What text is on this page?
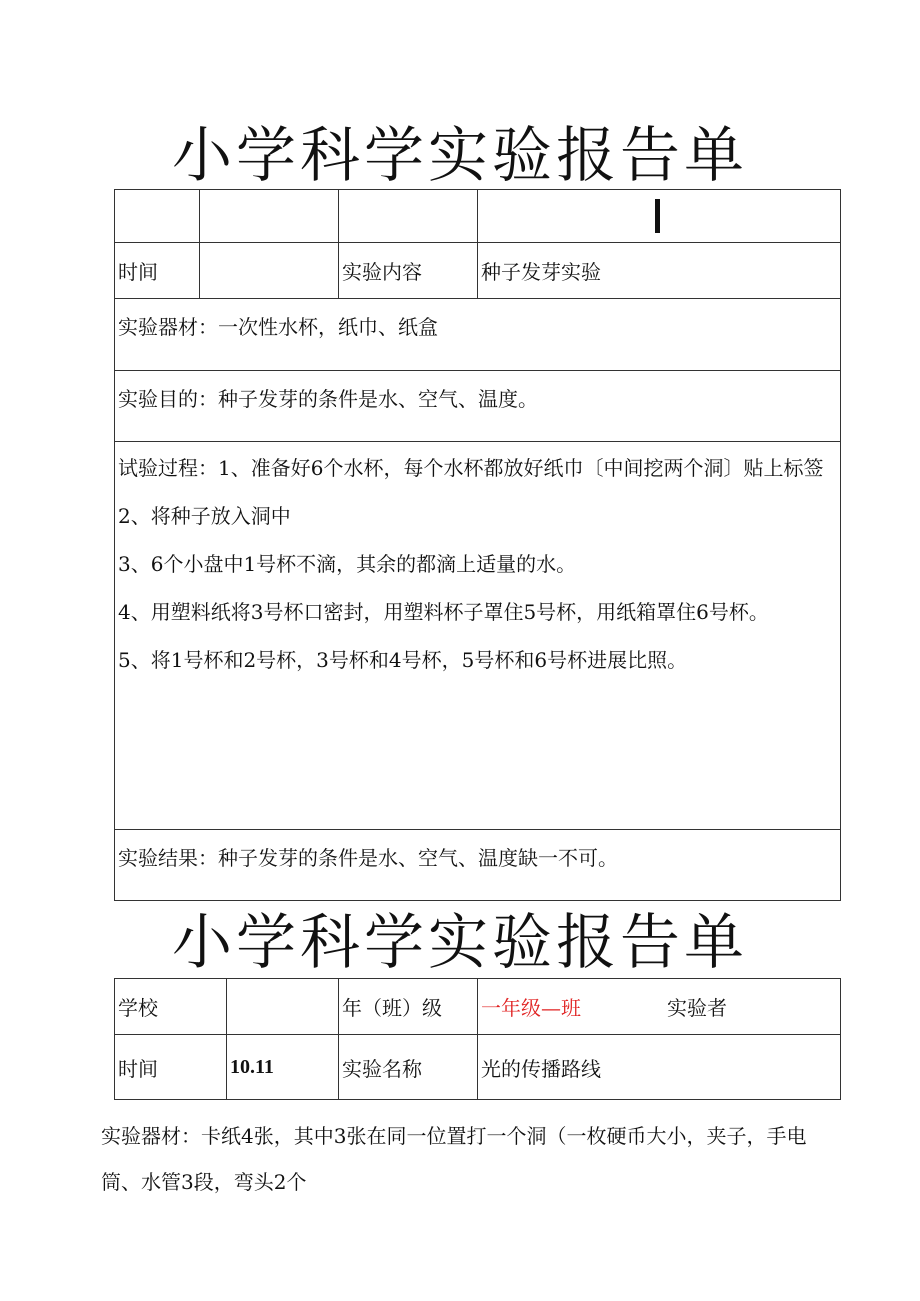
小学科学实验报告单

时间		实验内容	种子发芽实验
实验器材：一次性水杯，纸巾、纸盒			
实验目的：种子发芽的条件是水、空气、温度。			

试验过程：1、准备好6个水杯，每个水杯都放好纸巾〔中间挖两个洞〕贴上标签
2、将种子放入洞中
3、6个小盘中1号杯不滴，其余的都滴上适量的水。
4、用塑料纸将3号杯口密封，用塑料杯子罩住5号杯，用纸箱罩住6号杯。
5、将1号杯和2号杯，3号杯和4号杯，5号杯和6号杯进展比照。			

实验结果：种子发芽的条件是水、空气、温度缺一不可。			
小学科学实验报告单
学校		年（班）级	一年级—班 实验者
时间	10.11	实验名称	光的传播路线
实验器材：卡纸4张，其中3张在同一位置打一个洞（一枚硬币大小，夹子，手电筒、水管3段，弯头2个
